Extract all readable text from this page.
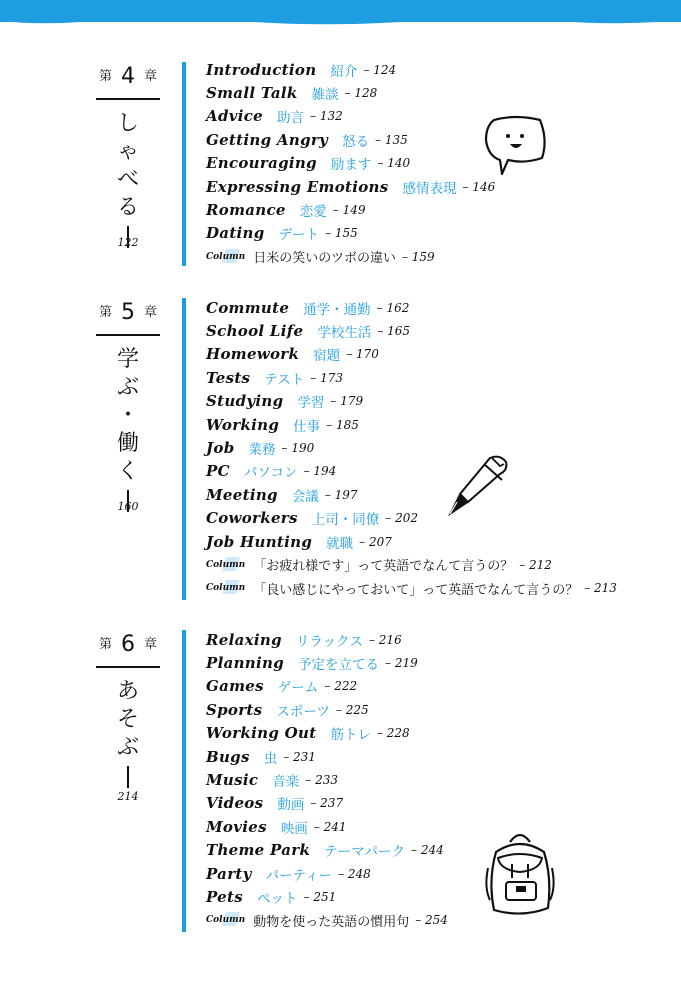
第 4 章
し
ゃ
べ
る
122
Introduction 紹介 – 124
Small Talk 雑談 – 128
Advice 助言 – 132
Getting Angry 怒る – 135
Encouraging 励ます – 140
Expressing Emotions 感情表現 – 146
Romance 恋愛 – 149
Dating デート – 155
Column 日米の笑いのツボの違い – 159
第 5 章
学
ぶ
・
働
く
160
Commute 通学・通勤 – 162
School Life 学校生活 – 165
Homework 宿題 – 170
Tests テスト – 173
Studying 学習 – 179
Working 仕事 – 185
Job 業務 – 190
PC パソコン – 194
Meeting 会議 – 197
Coworkers 上司・同僚 – 202
Job Hunting 就職 – 207
Column 「お疲れ様です」って英語でなんて言うの？ – 212
Column 「良い感じにやっておいて」って英語でなんて言うの？ – 213
第 6 章
あ
そ
ぶ
214
Relaxing リラックス – 216
Planning 予定を立てる – 219
Games ゲーム – 222
Sports スポーツ – 225
Working Out 筋トレ – 228
Bugs 虫 – 231
Music 音楽 – 233
Videos 動画 – 237
Movies 映画 – 241
Theme Park テーマパーク – 244
Party パーティー – 248
Pets ペット – 251
Column 動物を使った英語の慣用句 – 254
